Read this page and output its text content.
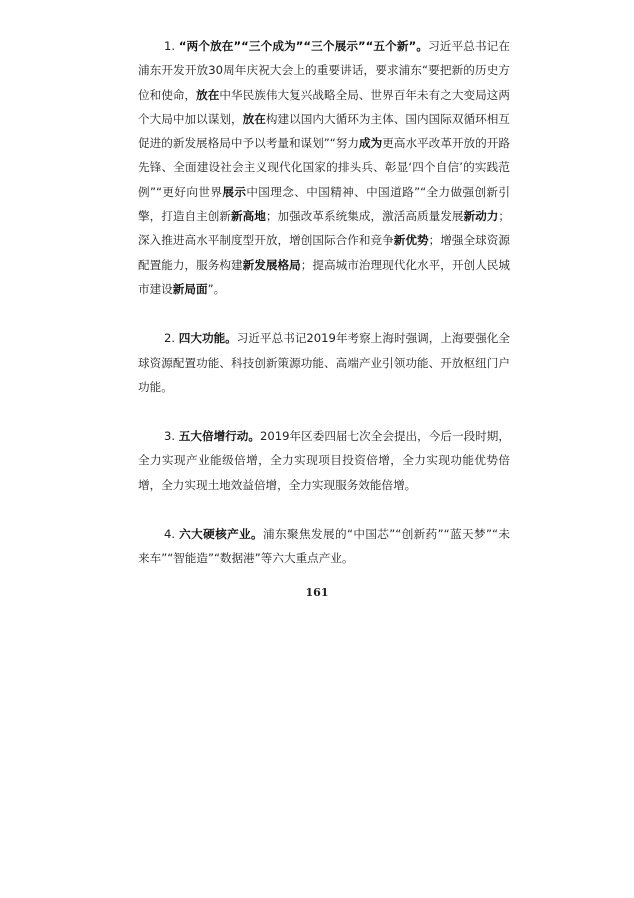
1. “两个放在”“三个成为”“三个展示”“五个新”。习近平总书记在浦东开发开放30周年庆祝大会上的重要讲话，要求浦东“要把新的历史方位和使命，放在中华民族伟大复兴战略全局、世界百年未有之大变局这两个大局中加以谋划，放在构建以国内大循环为主体、国内国际双循环相互促进的新发展格局中予以考量和谋划”“努力成为更高水平改革开放的开路先锋、全面建设社会主义现代化国家的排头兵、彰显‘四个自信’的实践范例”“更好向世界展示中国理念、中国精神、中国道路”“全力做强创新引擎，打造自主创新新高地；加强改革系统集成，激活高质量发展新动力；深入推进高水平制度型开放，增创国际合作和竞争新优势；增强全球资源配置能力，服务构建新发展格局；提高城市治理现代化水平，开创人民城市建设新局面”。

2. 四大功能。习近平总书记2019年考察上海时强调，上海要强化全球资源配置功能、科技创新策源功能、高端产业引领功能、开放枢纽门户功能。

3. 五大倍增行动。2019年区委四届七次全会提出，今后一段时期，全力实现产业能级倍增，全力实现项目投资倍增，全力实现功能优势倍增，全力实现土地效益倍增，全力实现服务效能倍增。

4. 六大硬核产业。浦东聚焦发展的“中国芯”“创新药”“蓝天梦”“未来车”“智能造”“数据港”等六大重点产业。

161
